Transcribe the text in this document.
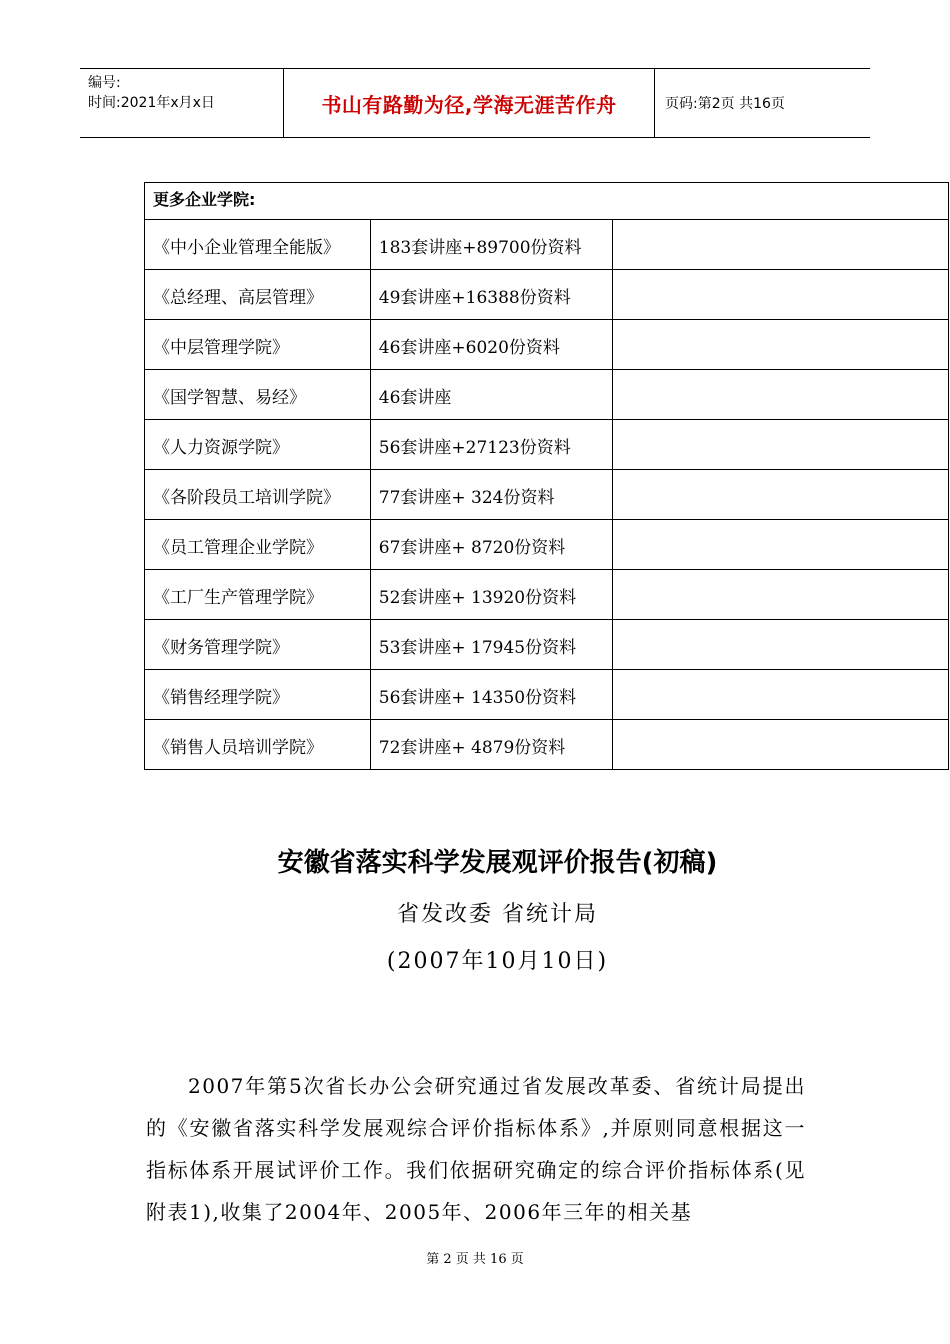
编号:
时间:2021年x月x日	书山有路勤为径,学海无涯苦作舟	页码:第2页 共16页
更多企业学院:		
《中小企业管理全能版》	183套讲座+89700份资料	
《总经理、高层管理》	49套讲座+16388份资料	
《中层管理学院》	46套讲座+6020份资料	
《国学智慧、易经》	46套讲座	
《人力资源学院》	56套讲座+27123份资料	
《各阶段员工培训学院》	77套讲座+ 324份资料	
《员工管理企业学院》	67套讲座+ 8720份资料	
《工厂生产管理学院》	52套讲座+ 13920份资料	
《财务管理学院》	53套讲座+ 17945份资料	
《销售经理学院》	56套讲座+ 14350份资料	
《销售人员培训学院》	72套讲座+ 4879份资料	
安徽省落实科学发展观评价报告(初稿)
省发改委 省统计局
(2007年10月10日)
2007年第5次省长办公会研究通过省发展改革委、省统计局提出的《安徽省落实科学发展观综合评价指标体系》,并原则同意根据这一指标体系开展试评价工作。我们依据研究确定的综合评价指标体系(见附表1),收集了2004年、2005年、2006年三年的相关基
第 2 页 共 16 页
